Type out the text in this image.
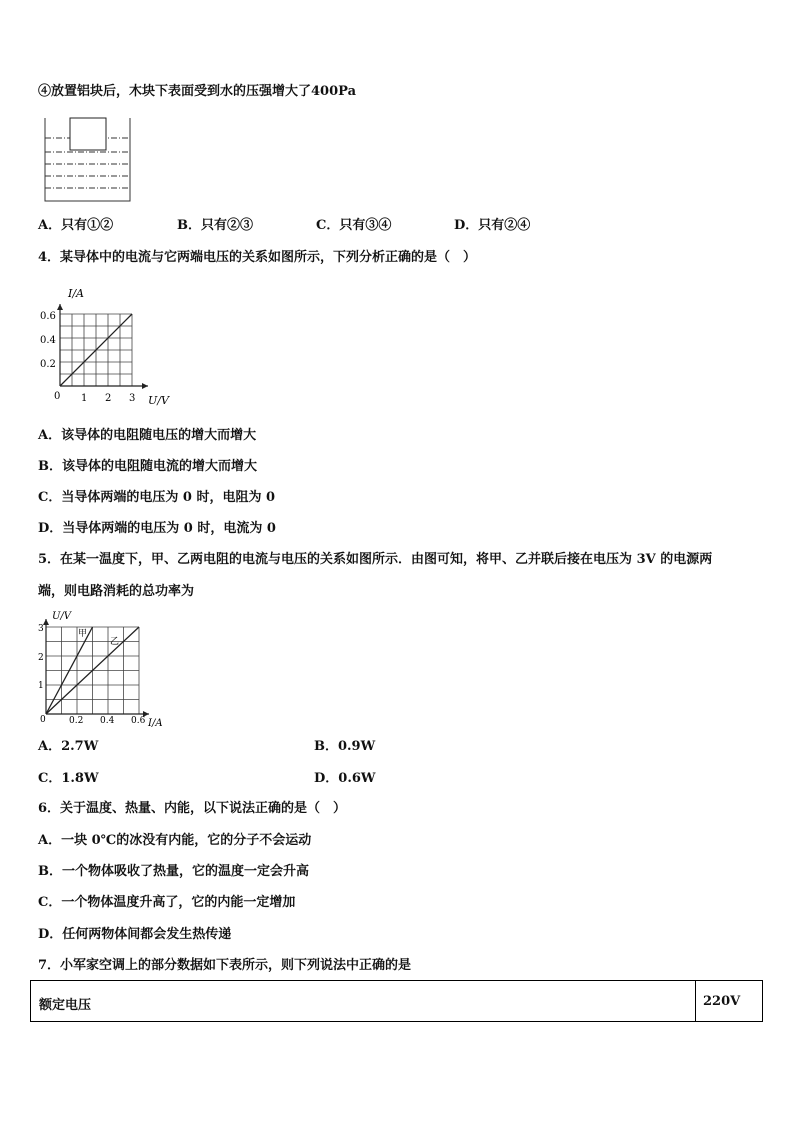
④放置铝块后，木块下表面受到水的压强增大了400Pa
A．只有①②	B．只有②③	C．只有③④	D．只有②④
4．某导体中的电流与它两端电压的关系如图所示，下列分析正确的是（　）
I/A
U/V
0
0.6
0.4
0.2
1 2 3
A．该导体的电阻随电压的增大而增大
B．该导体的电阻随电流的增大而增大
C．当导体两端的电压为 0 时，电阻为 0
D．当导体两端的电压为 0 时，电流为 0
5．在某一温度下，甲、乙两电阻的电流与电压的关系如图所示．由图可知，将甲、乙并联后接在电压为 3V 的电源两
端，则电路消耗的总功率为
U/V
I/A
0
3
2
1
0.2 0.4 0.6
甲
乙
A．2.7W	B．0.9W
C．1.8W	D．0.6W
6．关于温度、热量、内能，以下说法正确的是（　）
A．一块 0℃的冰没有内能，它的分子不会运动
B．一个物体吸收了热量，它的温度一定会升高
C．一个物体温度升高了，它的内能一定增加
D．任何两物体间都会发生热传递
7．小军家空调上的部分数据如下表所示，则下列说法中正确的是
额定电压	220V
